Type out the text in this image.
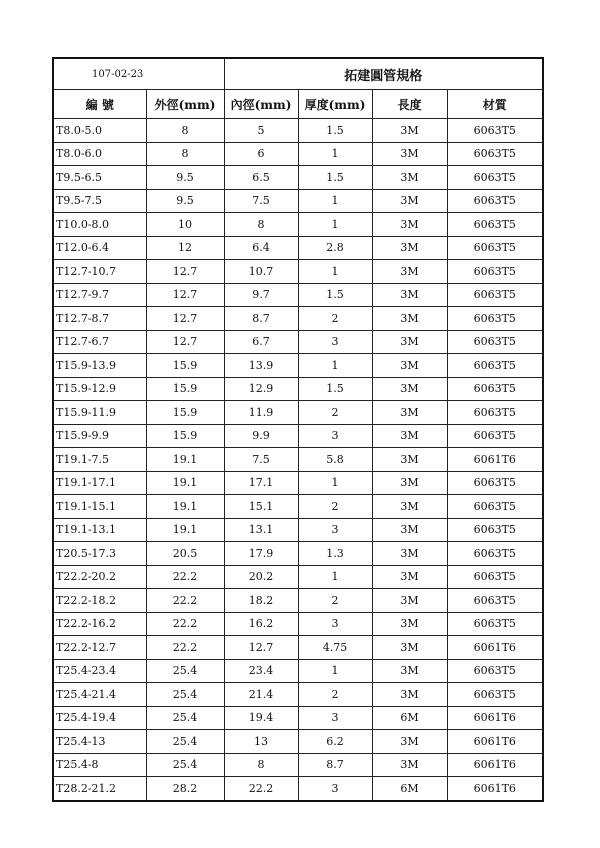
107-02-23		拓建圓管規格			
編 號	外徑(mm)	內徑(mm)	厚度(mm)	長度	材質
T8.0-5.0	8	5	1.5	3M	6063T5
T8.0-6.0	8	6	1	3M	6063T5
T9.5-6.5	9.5	6.5	1.5	3M	6063T5
T9.5-7.5	9.5	7.5	1	3M	6063T5
T10.0-8.0	10	8	1	3M	6063T5
T12.0-6.4	12	6.4	2.8	3M	6063T5
T12.7-10.7	12.7	10.7	1	3M	6063T5
T12.7-9.7	12.7	9.7	1.5	3M	6063T5
T12.7-8.7	12.7	8.7	2	3M	6063T5
T12.7-6.7	12.7	6.7	3	3M	6063T5
T15.9-13.9	15.9	13.9	1	3M	6063T5
T15.9-12.9	15.9	12.9	1.5	3M	6063T5
T15.9-11.9	15.9	11.9	2	3M	6063T5
T15.9-9.9	15.9	9.9	3	3M	6063T5
T19.1-7.5	19.1	7.5	5.8	3M	6061T6
T19.1-17.1	19.1	17.1	1	3M	6063T5
T19.1-15.1	19.1	15.1	2	3M	6063T5
T19.1-13.1	19.1	13.1	3	3M	6063T5
T20.5-17.3	20.5	17.9	1.3	3M	6063T5
T22.2-20.2	22.2	20.2	1	3M	6063T5
T22.2-18.2	22.2	18.2	2	3M	6063T5
T22.2-16.2	22.2	16.2	3	3M	6063T5
T22.2-12.7	22.2	12.7	4.75	3M	6061T6
T25.4-23.4	25.4	23.4	1	3M	6063T5
T25.4-21.4	25.4	21.4	2	3M	6063T5
T25.4-19.4	25.4	19.4	3	6M	6061T6
T25.4-13	25.4	13	6.2	3M	6061T6
T25.4-8	25.4	8	8.7	3M	6061T6
T28.2-21.2	28.2	22.2	3	6M	6061T6
